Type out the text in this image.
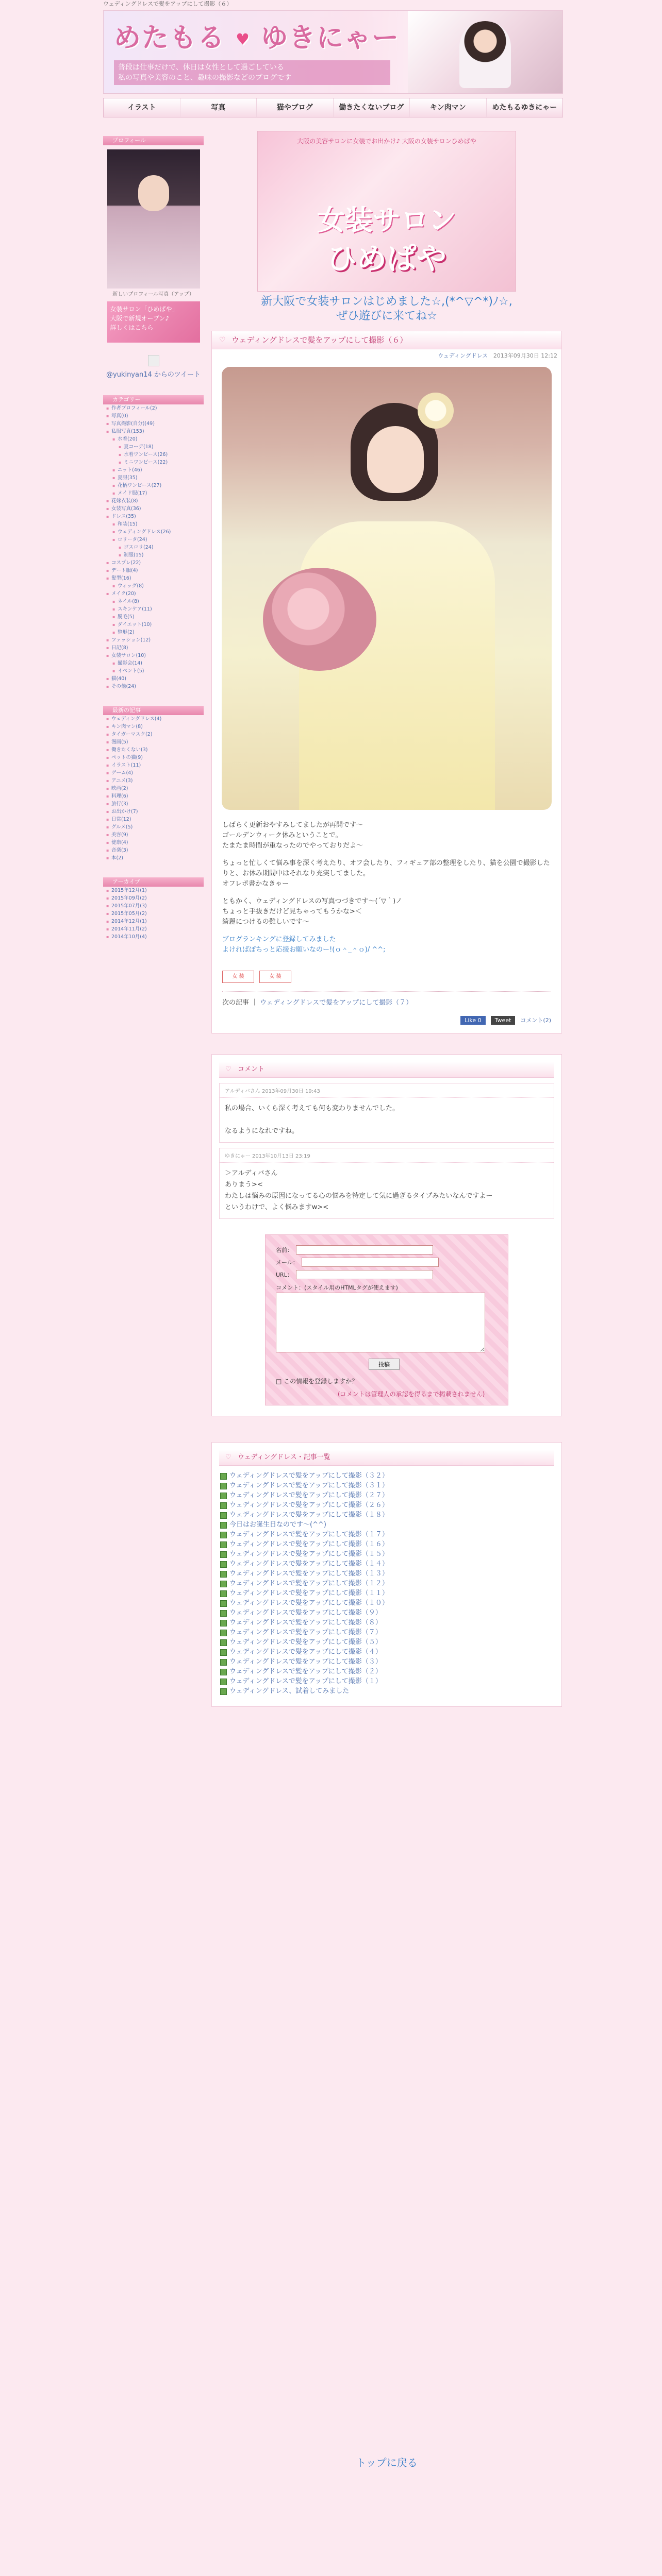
ウェディングドレスで髪をアップにして撮影（６）
めたもる ♥ ゆきにゃー
普段は仕事だけで、休日は女性として過ごしている
私の写真や美容のこと、趣味の撮影などのブログです
イラスト	写真	猫やブログ	働きたくないブログ	キン肉マン	めたもるゆきにゃー
プロフィール
新しいプロフィール写真（アップ）
女装サロン「ひめぱや」
大阪で新規オープン♪
詳しくはこちら
@yukinyan14 からのツイート
カテゴリー
▪ 作者プロフィール(2)
▪ 写真(0)
▪ 写真撮影(自分)(49)
▪ 私服写真(153)
▪ 水着(20)
▪ 夏コーデ(18)
▪ 水着ワンピース(26)
▪ ミニワンピース(22)
▪ ニット(46)
▪ 夏服(35)
▪ 花柄ワンピース(27)
▪ メイド服(17)
▪ 花嫁衣装(8)
▪ 女装写真(36)
▪ ドレス(35)
▪ 和装(15)
▪ ウェディングドレス(26)
▪ ロリータ(24)
▪ ゴスロリ(24)
▪ 制服(15)
▪ コスプレ(22)
▪ デート服(4)
▪ 髪型(16)
▪ ウィッグ(8)
▪ メイク(20)
▪ ネイル(8)
▪ スキンケア(11)
▪ 脱毛(5)
▪ ダイエット(10)
▪ 整形(2)
▪ ファッション(12)
▪ 日記(8)
▪ 女装サロン(10)
▪ 撮影会(14)
▪ イベント(5)
▪ 猫(40)
▪ その他(24)
最新の記事
▪ ウェディングドレス(4)
▪ キン肉マン(8)
▪ タイガーマスク(2)
▪ 漫画(5)
▪ 働きたくない(3)
▪ ペットの猫(9)
▪ イラスト(11)
▪ ゲーム(4)
▪ アニメ(3)
▪ 映画(2)
▪ 料理(6)
▪ 旅行(3)
▪ お出かけ(7)
▪ 日常(12)
▪ グルメ(5)
▪ 美容(9)
▪ 健康(4)
▪ 音楽(3)
▪ 本(2)
アーカイブ
▪ 2015年12月(1)
▪ 2015年09月(2)
▪ 2015年07月(3)
▪ 2015年05月(2)
▪ 2014年12月(1)
▪ 2014年11月(2)
▪ 2014年10月(4)
大阪の美容サロンに女装でお出かけ♪ 大阪の女装サロンひめぱや
女装サロン
ひめぱや
新大阪で女装サロンはじめました☆,(*^▽^*)ﾉ☆,
ぜひ遊びに来てね☆
♡ ウェディングドレスで髪をアップにして撮影（６）
ウェディングドレス 2013年09月30日 12:12

しばらく更新おやすみしてましたが再開です～
ゴールデンウィーク休みということで。
たまたま時間が重なったのでやっておりだよ～

ちょっと忙しくて悩み事を深く考えたり、オフ会したり、フィギュア部の整理をしたり、猫を公園で撮影したりと、お休み期間中はそれなり充実してました。
オフレポ書かなきゃー

ともかく、ウェディングドレスの写真つづきです～(´▽｀)ノ
ちょっと手抜きだけど見ちゃってもうかな>＜
綺麗につけるの難しいです～

ブログランキングに登録してみました
よければぽちっと応援お願いなのー!(ｏ＾_＾ｏ)/ ^^;

女 装	女 装
次の記事 ｜ ウェディングドレスで髪をアップにして撮影（７）
Like 0	Tweet	コメント(2)
♡ コメント
アルディバさん 2013年09月30日 19:43
私の場合、いくら深く考えても何も変わりませんでした。

なるようになれですね。
ゆきにゃー 2013年10月13日 23:19
＞アルディバさん
ありまう><
わたしは悩みの原因になってる心の悩みを特定して気に過ぎるタイプみたいなんですよー
というわけで、よく悩みますw><
名前：
メール：
URL：
コメント：(スタイル用のHTMLタグが使えます)
投稿
□ この情報を登録しますか？
(コメントは管理人の承認を得るまで掲載されません)
♡ ウェディングドレス・記事一覧
ウェディングドレスで髪をアップにして撮影（３２）
ウェディングドレスで髪をアップにして撮影（３１）
ウェディングドレスで髪をアップにして撮影（２７）
ウェディングドレスで髪をアップにして撮影（２６）
ウェディングドレスで髪をアップにして撮影（１８）
今日はお誕生日なのです～(^^)
ウェディングドレスで髪をアップにして撮影（１７）
ウェディングドレスで髪をアップにして撮影（１６）
ウェディングドレスで髪をアップにして撮影（１５）
ウェディングドレスで髪をアップにして撮影（１４）
ウェディングドレスで髪をアップにして撮影（１３）
ウェディングドレスで髪をアップにして撮影（１２）
ウェディングドレスで髪をアップにして撮影（１１）
ウェディングドレスで髪をアップにして撮影（１０）
ウェディングドレスで髪をアップにして撮影（９）
ウェディングドレスで髪をアップにして撮影（８）
ウェディングドレスで髪をアップにして撮影（７）
ウェディングドレスで髪をアップにして撮影（５）
ウェディングドレスで髪をアップにして撮影（４）
ウェディングドレスで髪をアップにして撮影（３）
ウェディングドレスで髪をアップにして撮影（２）
ウェディングドレスで髪をアップにして撮影（１）
ウェディングドレス、試着してみました
トップに戻る
